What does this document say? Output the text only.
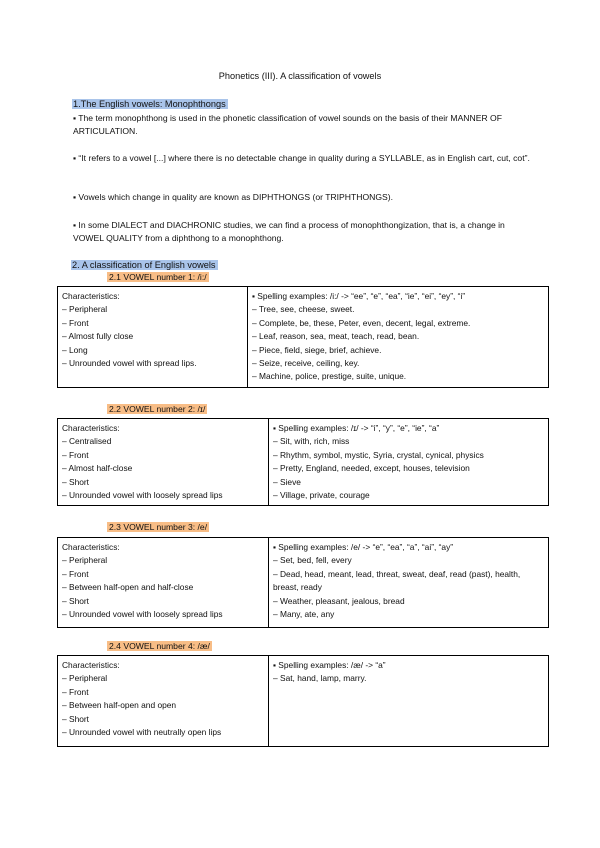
Phonetics (III). A classification of vowels
1.The English vowels: Monophthongs
▪ The term monophthong is used in the phonetic classification of vowel sounds on the basis of their MANNER OF ARTICULATION.
▪ “It refers to a vowel [...] where there is no detectable change in quality during a SYLLABLE, as in English cart, cut, cot”.
▪ Vowels which change in quality are known as DIPHTHONGS (or TRIPHTHONGS).
▪ In some DIALECT and DIACHRONIC studies, we can find a process of monophthongization, that is, a change in VOWEL QUALITY from a diphthong to a monophthong.
2. A classification of English vowels
2.1 VOWEL number 1: /i:/
Characteristics:
– Peripheral
– Front
– Almost fully close
– Long
– Unrounded vowel with spread lips.
▪ Spelling examples: /i:/ -> “ee”, “e”, “ea”, “ie”, “ei”, “ey”, “i”
– Tree, see, cheese, sweet.
– Complete, be, these, Peter, even, decent, legal, extreme.
– Leaf, reason, sea, meat, teach, read, bean.
– Piece, field, siege, brief, achieve.
– Seize, receive, ceiling, key.
– Machine, police, prestige, suite, unique.
2.2 VOWEL number 2: /ɪ/
Characteristics:
– Centralised
– Front
– Almost half-close
– Short
– Unrounded vowel with loosely spread lips
▪ Spelling examples: /ɪ/ -> “i”, “y”, “e”, “ie”, “a”
– Sit, with, rich, miss
– Rhythm, symbol, mystic, Syria, crystal, cynical, physics
– Pretty, England, needed, except, houses, television
– Sieve
– Village, private, courage
2.3 VOWEL number 3: /e/
Characteristics:
– Peripheral
– Front
– Between half-open and half-close
– Short
– Unrounded vowel with loosely spread lips
▪ Spelling examples: /e/ -> “e”, “ea”, “a”, “ai”, “ay”
– Set, bed, fell, every
– Dead, head, meant, lead, threat, sweat, deaf, read (past), health, breast, ready
– Weather, pleasant, jealous, bread
– Many, ate, any
2.4 VOWEL number 4: /æ/
Characteristics:
– Peripheral
– Front
– Between half-open and open
– Short
– Unrounded vowel with neutrally open lips
▪ Spelling examples: /æ/ -> “a”
– Sat, hand, lamp, marry.
